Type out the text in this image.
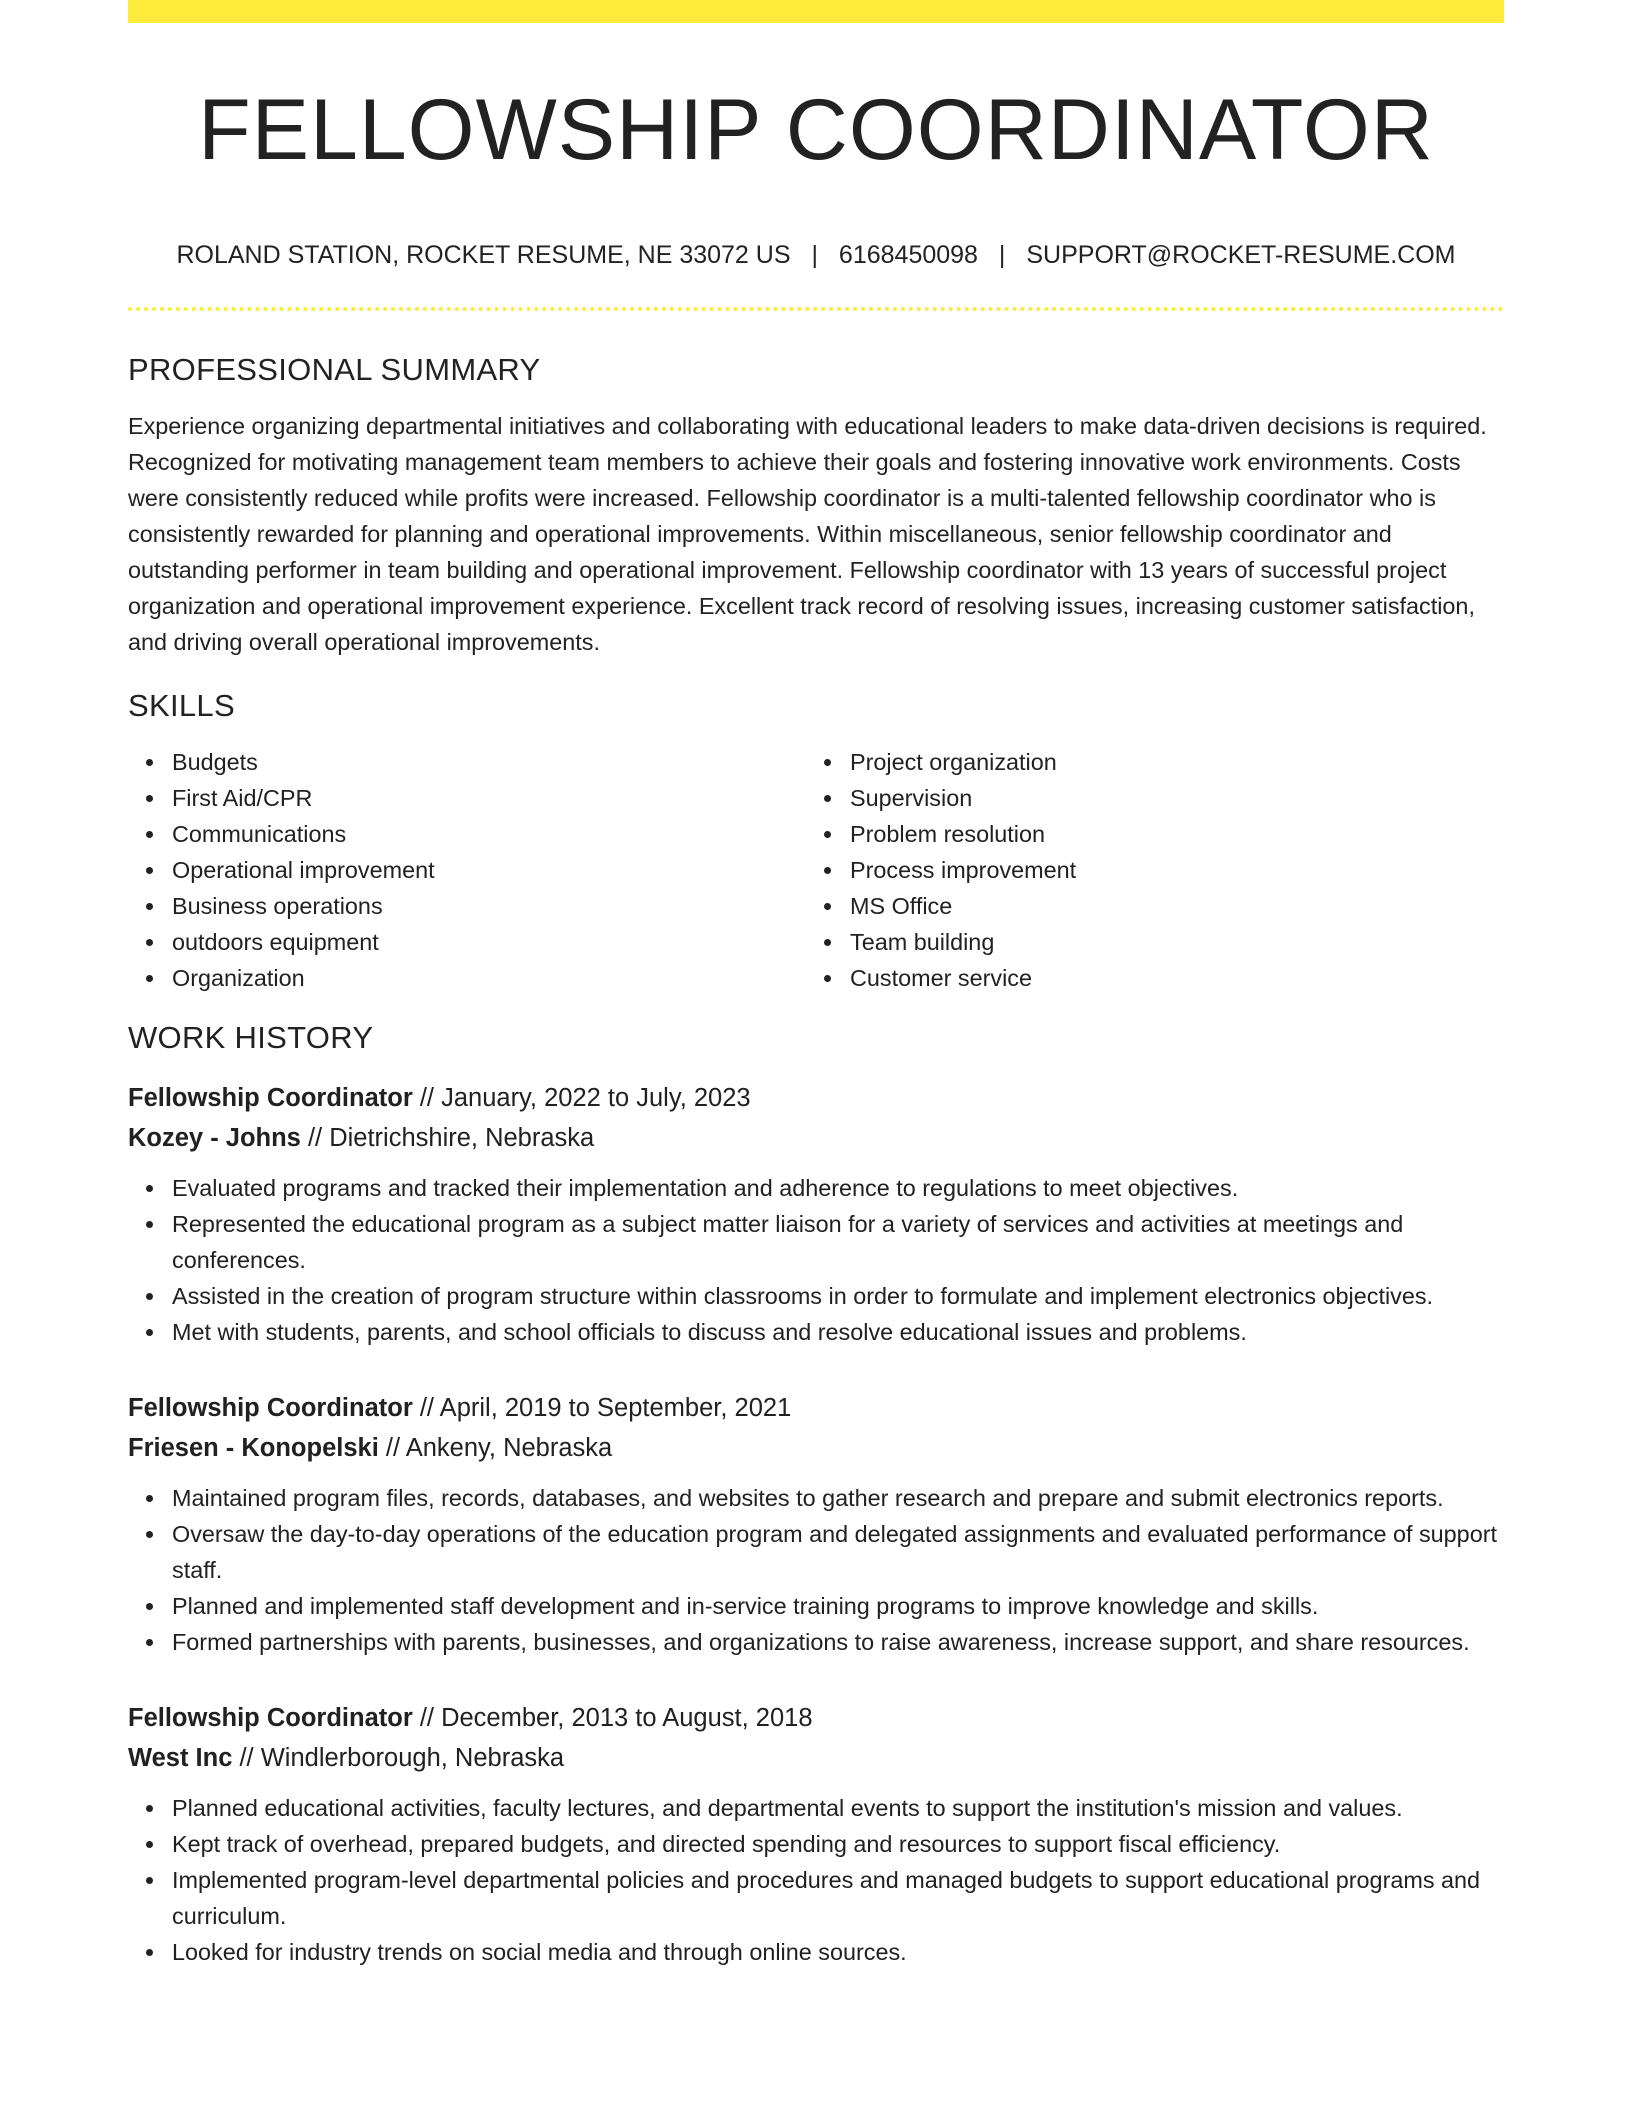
FELLOWSHIP COORDINATOR
ROLAND STATION, ROCKET RESUME, NE 33072 US | 6168450098 | SUPPORT@ROCKET-RESUME.COM
PROFESSIONAL SUMMARY

Experience organizing departmental initiatives and collaborating with educational leaders to make data-driven decisions is required. Recognized for motivating management team members to achieve their goals and fostering innovative work environments. Costs were consistently reduced while profits were increased. Fellowship coordinator is a multi-talented fellowship coordinator who is consistently rewarded for planning and operational improvements. Within miscellaneous, senior fellowship coordinator and outstanding performer in team building and operational improvement. Fellowship coordinator with 13 years of successful project organization and operational improvement experience. Excellent track record of resolving issues, increasing customer satisfaction, and driving overall operational improvements.

SKILLS
Budgets
First Aid/CPR
Communications
Operational improvement
Business operations
outdoors equipment
Organization
Project organization
Supervision
Problem resolution
Process improvement
MS Office
Team building
Customer service
WORK HISTORY
Fellowship Coordinator // January, 2022 to July, 2023
Kozey - Johns // Dietrichshire, Nebraska
Evaluated programs and tracked their implementation and adherence to regulations to meet objectives.
Represented the educational program as a subject matter liaison for a variety of services and activities at meetings and conferences.
Assisted in the creation of program structure within classrooms in order to formulate and implement electronics objectives.
Met with students, parents, and school officials to discuss and resolve educational issues and problems.
Fellowship Coordinator // April, 2019 to September, 2021
Friesen - Konopelski // Ankeny, Nebraska
Maintained program files, records, databases, and websites to gather research and prepare and submit electronics reports.
Oversaw the day-to-day operations of the education program and delegated assignments and evaluated performance of support staff.
Planned and implemented staff development and in-service training programs to improve knowledge and skills.
Formed partnerships with parents, businesses, and organizations to raise awareness, increase support, and share resources.
Fellowship Coordinator // December, 2013 to August, 2018
West Inc // Windlerborough, Nebraska
Planned educational activities, faculty lectures, and departmental events to support the institution's mission and values.
Kept track of overhead, prepared budgets, and directed spending and resources to support fiscal efficiency.
Implemented program-level departmental policies and procedures and managed budgets to support educational programs and curriculum.
Looked for industry trends on social media and through online sources.
